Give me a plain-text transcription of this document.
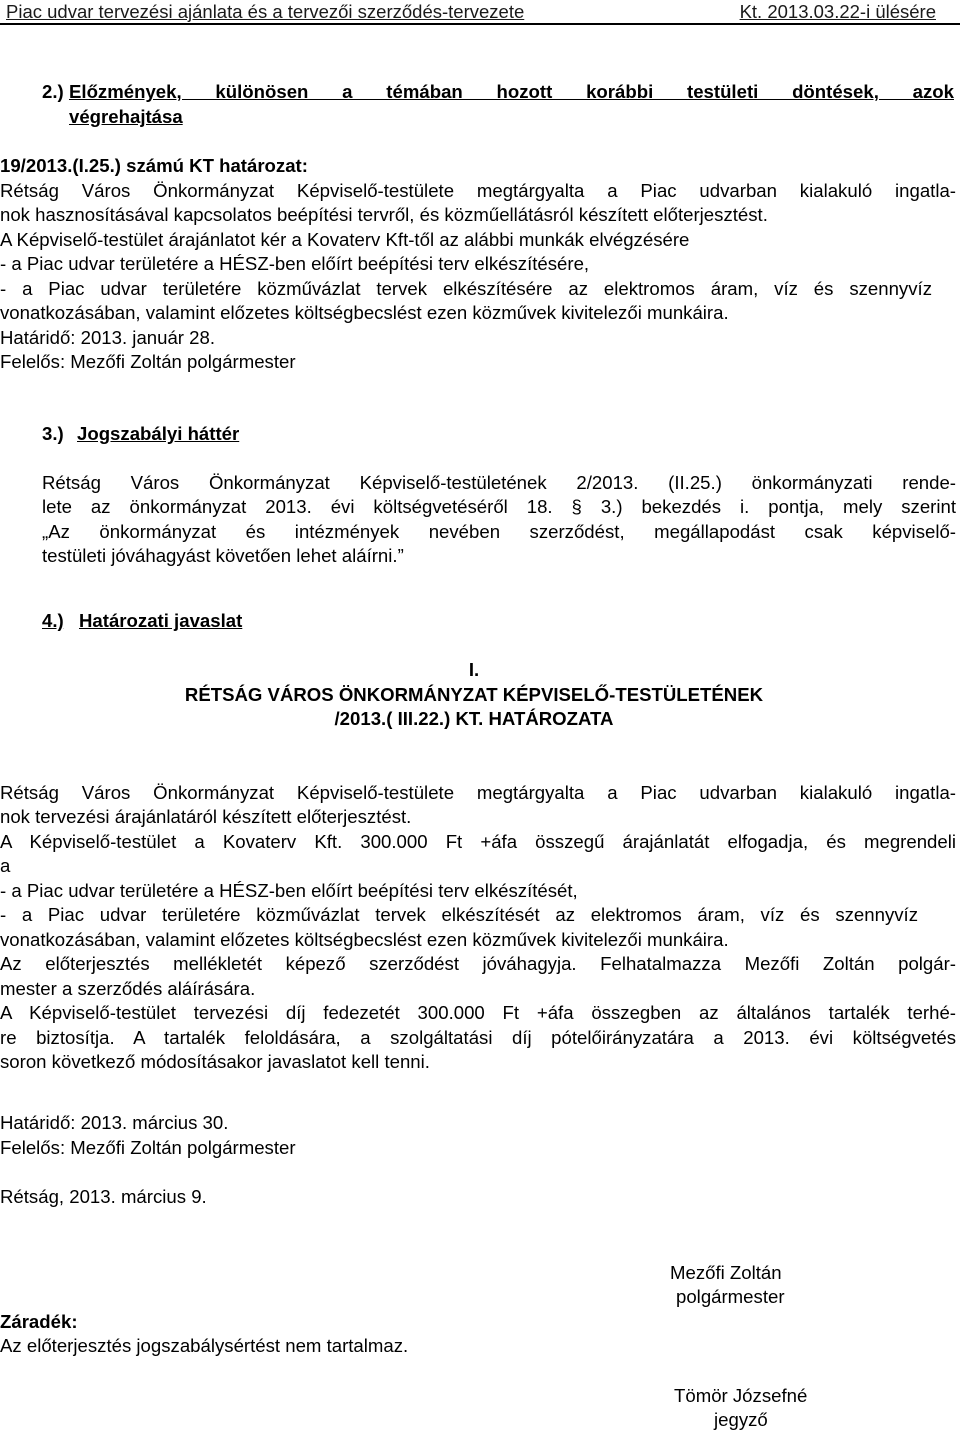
Piac udvar tervezési ajánlata és a tervezői szerződés-tervezete	Kt. 2013.03.22-i ülésére
2.) Előzmények, különösen a témában hozott korábbi testületi döntések, azok
végrehajtása
19/2013.(I.25.) számú KT határozat:
Rétság Város Önkormányzat Képviselő-testülete megtárgyalta a Piac udvarban kialakuló ingatla-
nok hasznosításával kapcsolatos beépítési tervről, és közműellátásról készített előterjesztést.
A Képviselő-testület árajánlatot kér a Kovaterv Kft-től az alábbi munkák elvégzésére
- a Piac udvar területére a HÉSZ-ben előírt beépítési terv elkészítésére,
- a Piac udvar területére közművázlat tervek elkészítésére az elektromos áram, víz és szennyvíz
vonatkozásában, valamint előzetes költségbecslést ezen közművek kivitelezői munkáira.
Határidő: 2013. január 28.
Felelős: Mezőfi Zoltán polgármester
3.) Jogszabályi háttér
Rétság Város Önkormányzat Képviselő-testületének 2/2013. (II.25.) önkormányzati rende-
lete az önkormányzat 2013. évi költségvetéséről 18. § 3.) bekezdés i. pontja, mely szerint
„Az önkormányzat és intézmények nevében szerződést, megállapodást csak képviselő-
testületi jóváhagyást követően lehet aláírni.”
4.) Határozati javaslat
I.
RÉTSÁG VÁROS ÖNKORMÁNYZAT KÉPVISELŐ-TESTÜLETÉNEK
/2013.( III.22.) KT. HATÁROZATA
Rétság Város Önkormányzat Képviselő-testülete megtárgyalta a Piac udvarban kialakuló ingatla-
nok tervezési árajánlatáról készített előterjesztést.
A Képviselő-testület a Kovaterv Kft. 300.000 Ft +áfa összegű árajánlatát elfogadja, és megrendeli
a
- a Piac udvar területére a HÉSZ-ben előírt beépítési terv elkészítését,
- a Piac udvar területére közművázlat tervek elkészítését az elektromos áram, víz és szennyvíz
vonatkozásában, valamint előzetes költségbecslést ezen közművek kivitelezői munkáira.
Az előterjesztés mellékletét képező szerződést jóváhagyja. Felhatalmazza Mezőfi Zoltán polgár-
mester a szerződés aláírására.
A Képviselő-testület tervezési díj fedezetét 300.000 Ft +áfa összegben az általános tartalék terhé-
re biztosítja. A tartalék feloldására, a szolgáltatási díj pótelőirányzatára a 2013. évi költségvetés
soron következő módosításakor javaslatot kell tenni.
Határidő: 2013. március 30.
Felelős: Mezőfi Zoltán polgármester
Rétság, 2013. március 9.
Mezőfi Zoltán
polgármester
Záradék:
Az előterjesztés jogszabálysértést nem tartalmaz.
Tömör Józsefné
jegyző
